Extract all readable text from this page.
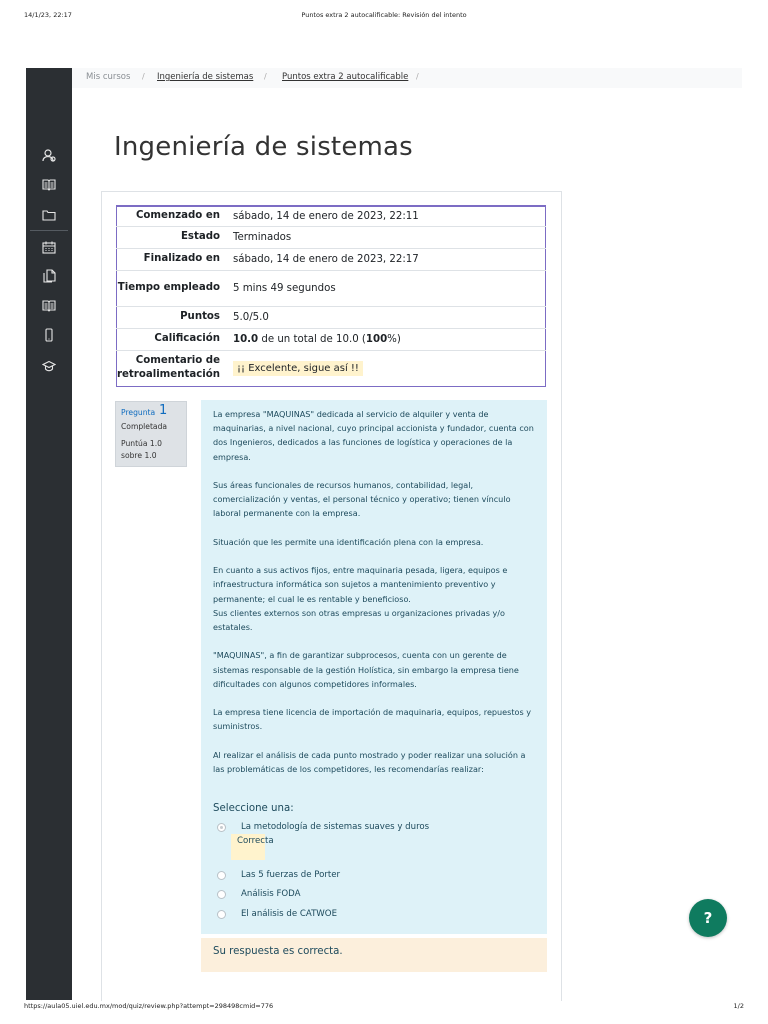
14/1/23, 22:17	Puntos extra 2 autocalificable: Revisión del intento
Mis cursos / Ingeniería de sistemas / Puntos extra 2 autocalificable /
Ingeniería de sistemas
Comenzado en	sábado, 14 de enero de 2023, 22:11
Estado	Terminados
Finalizado en	sábado, 14 de enero de 2023, 22:17
Tiempo empleado	5 mins 49 segundos
Puntos	5.0/5.0
Calificación	10.0 de un total de 10.0 (100%)
Comentario de retroalimentación	¡¡ Excelente, sigue así !!
Pregunta 1
Completada
Puntúa 1.0
sobre 1.0

La empresa "MAQUINAS" dedicada al servicio de alquiler y venta de maquinarias, a nivel nacional, cuyo principal accionista y fundador, cuenta con dos Ingenieros, dedicados a las funciones de logística y operaciones de la empresa.

Sus áreas funcionales de recursos humanos, contabilidad, legal, comercialización y ventas, el personal técnico y operativo; tienen vínculo laboral permanente con la empresa.

Situación que les permite una identificación plena con la empresa.

En cuanto a sus activos fijos, entre maquinaria pesada, ligera, equipos e infraestructura informática son sujetos a mantenimiento preventivo y permanente; el cual le es rentable y beneficioso.
Sus clientes externos son otras empresas u organizaciones privadas y/o estatales.

"MAQUINAS", a fin de garantizar subprocesos, cuenta con un gerente de sistemas responsable de la gestión Holística, sin embargo la empresa tiene dificultades con algunos competidores informales.

La empresa tiene licencia de importación de maquinaria, equipos, repuestos y suministros.

Al realizar el análisis de cada punto mostrado y poder realizar una solución a las problemáticas de los competidores, les recomendarías realizar:

Seleccione una:
La metodología de sistemas suaves y duros
Correcta
Las 5 fuerzas de Porter
Análisis FODA
El análisis de CATWOE
Su respuesta es correcta.
?
https://aula05.uiel.edu.mx/mod/quiz/review.php?attempt=298498cmid=776	1/2
